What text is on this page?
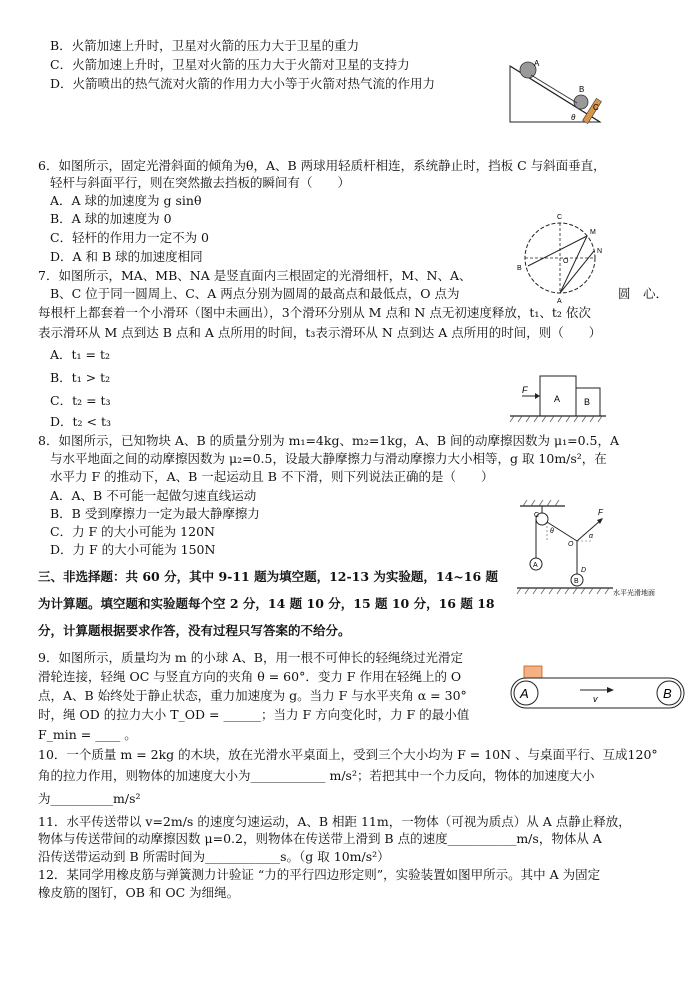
B．火箭加速上升时，卫星对火箭的压力大于卫星的重力
C．火箭加速上升时，卫星对火箭的压力大于火箭对卫星的支持力
D．火箭喷出的热气流对火箭的作用力大小等于火箭对热气流的作用力
A
B
C
θ
6．如图所示，固定光滑斜面的倾角为θ，A、B 两球用轻质杆相连，系统静止时，挡板 C 与斜面垂直，
轻杆与斜面平行，则在突然撤去挡板的瞬间有（　　）
A．A 球的加速度为 g sinθ
B．A 球的加速度为 0
C．轻杆的作用力一定不为 0
D．A 和 B 球的加速度相同
C
M
N
B
A
O
7．如图所示，MA、MB、NA 是竖直面内三根固定的光滑细杆，M、N、A、
B、C 位于同一圆周上、C、A 两点分别为圆周的最高点和最低点，O 点为	圆　心．
每根杆上都套着一个小滑环（图中未画出），3个滑环分别从 M 点和 N 点无初速度释放，t₁、t₂ 依次
表示滑环从 M 点到达 B 点和 A 点所用的时间，t₃表示滑环从 N 点到达 A 点所用的时间，则（　　）
A．t₁ = t₂
B．t₁ > t₂
C．t₂ = t₃
D．t₂ < t₃
F
A	B
8．如图所示，已知物块 A、B 的质量分别为 m₁=4kg、m₂=1kg，A、B 间的动摩擦因数为 μ₁=0.5，A
与水平地面之间的动摩擦因数为 μ₂=0.5，设最大静摩擦力与滑动摩擦力大小相等，g 取 10m/s²，在
水平力 F 的推动下，A、B 一起运动且 B 不下滑，则下列说法正确的是（　　）
A．A、B 不可能一起做匀速直线运动
B．B 受到摩擦力一定为最大静摩擦力
C．力 F 的大小可能为 120N
D．力 F 的大小可能为 150N
C
θ
O
F
α
A
D
B
水平光滑地面
三、非选择题：共 60 分，其中 9-11 题为填空题，12-13 为实验题，14~16 题
为计算题。填空题和实验题每个空 2 分，14 题 10 分，15 题 10 分，16 题 18
分，计算题根据要求作答，没有过程只写答案的不给分。
A	B
v
9．如图所示，质量均为 m 的小球 A、B，用一根不可伸长的轻绳绕过光滑定
滑轮连接，轻绳 OC 与竖直方向的夹角 θ = 60°．变力 F 作用在轻绳上的 O
点，A、B 始终处于静止状态，重力加速度为 g。当力 F 与水平夹角 α = 30°
时，绳 OD 的拉力大小 T_OD = ______；当力 F 方向变化时，力 F 的最小值
F_min = ____ 。
10．一个质量 m = 2kg 的木块，放在光滑水平桌面上，受到三个大小均为 F = 10N 、与桌面平行、互成120°
角的拉力作用，则物体的加速度大小为____________ m/s²；若把其中一个力反向，物体的加速度大小
为__________m/s²
11．水平传送带以 v=2m/s 的速度匀速运动，A、B 相距 11m，一物体（可视为质点）从 A 点静止释放，
物体与传送带间的动摩擦因数 μ=0.2，则物体在传送带上滑到 B 点的速度___________m/s，物体从 A
沿传送带运动到 B 所需时间为____________s。（g 取 10m/s²）
12．某同学用橡皮筋与弹簧测力计验证 “力的平行四边形定则”，实验装置如图甲所示。其中 A 为固定
橡皮筋的图钉，OB 和 OC 为细绳。
